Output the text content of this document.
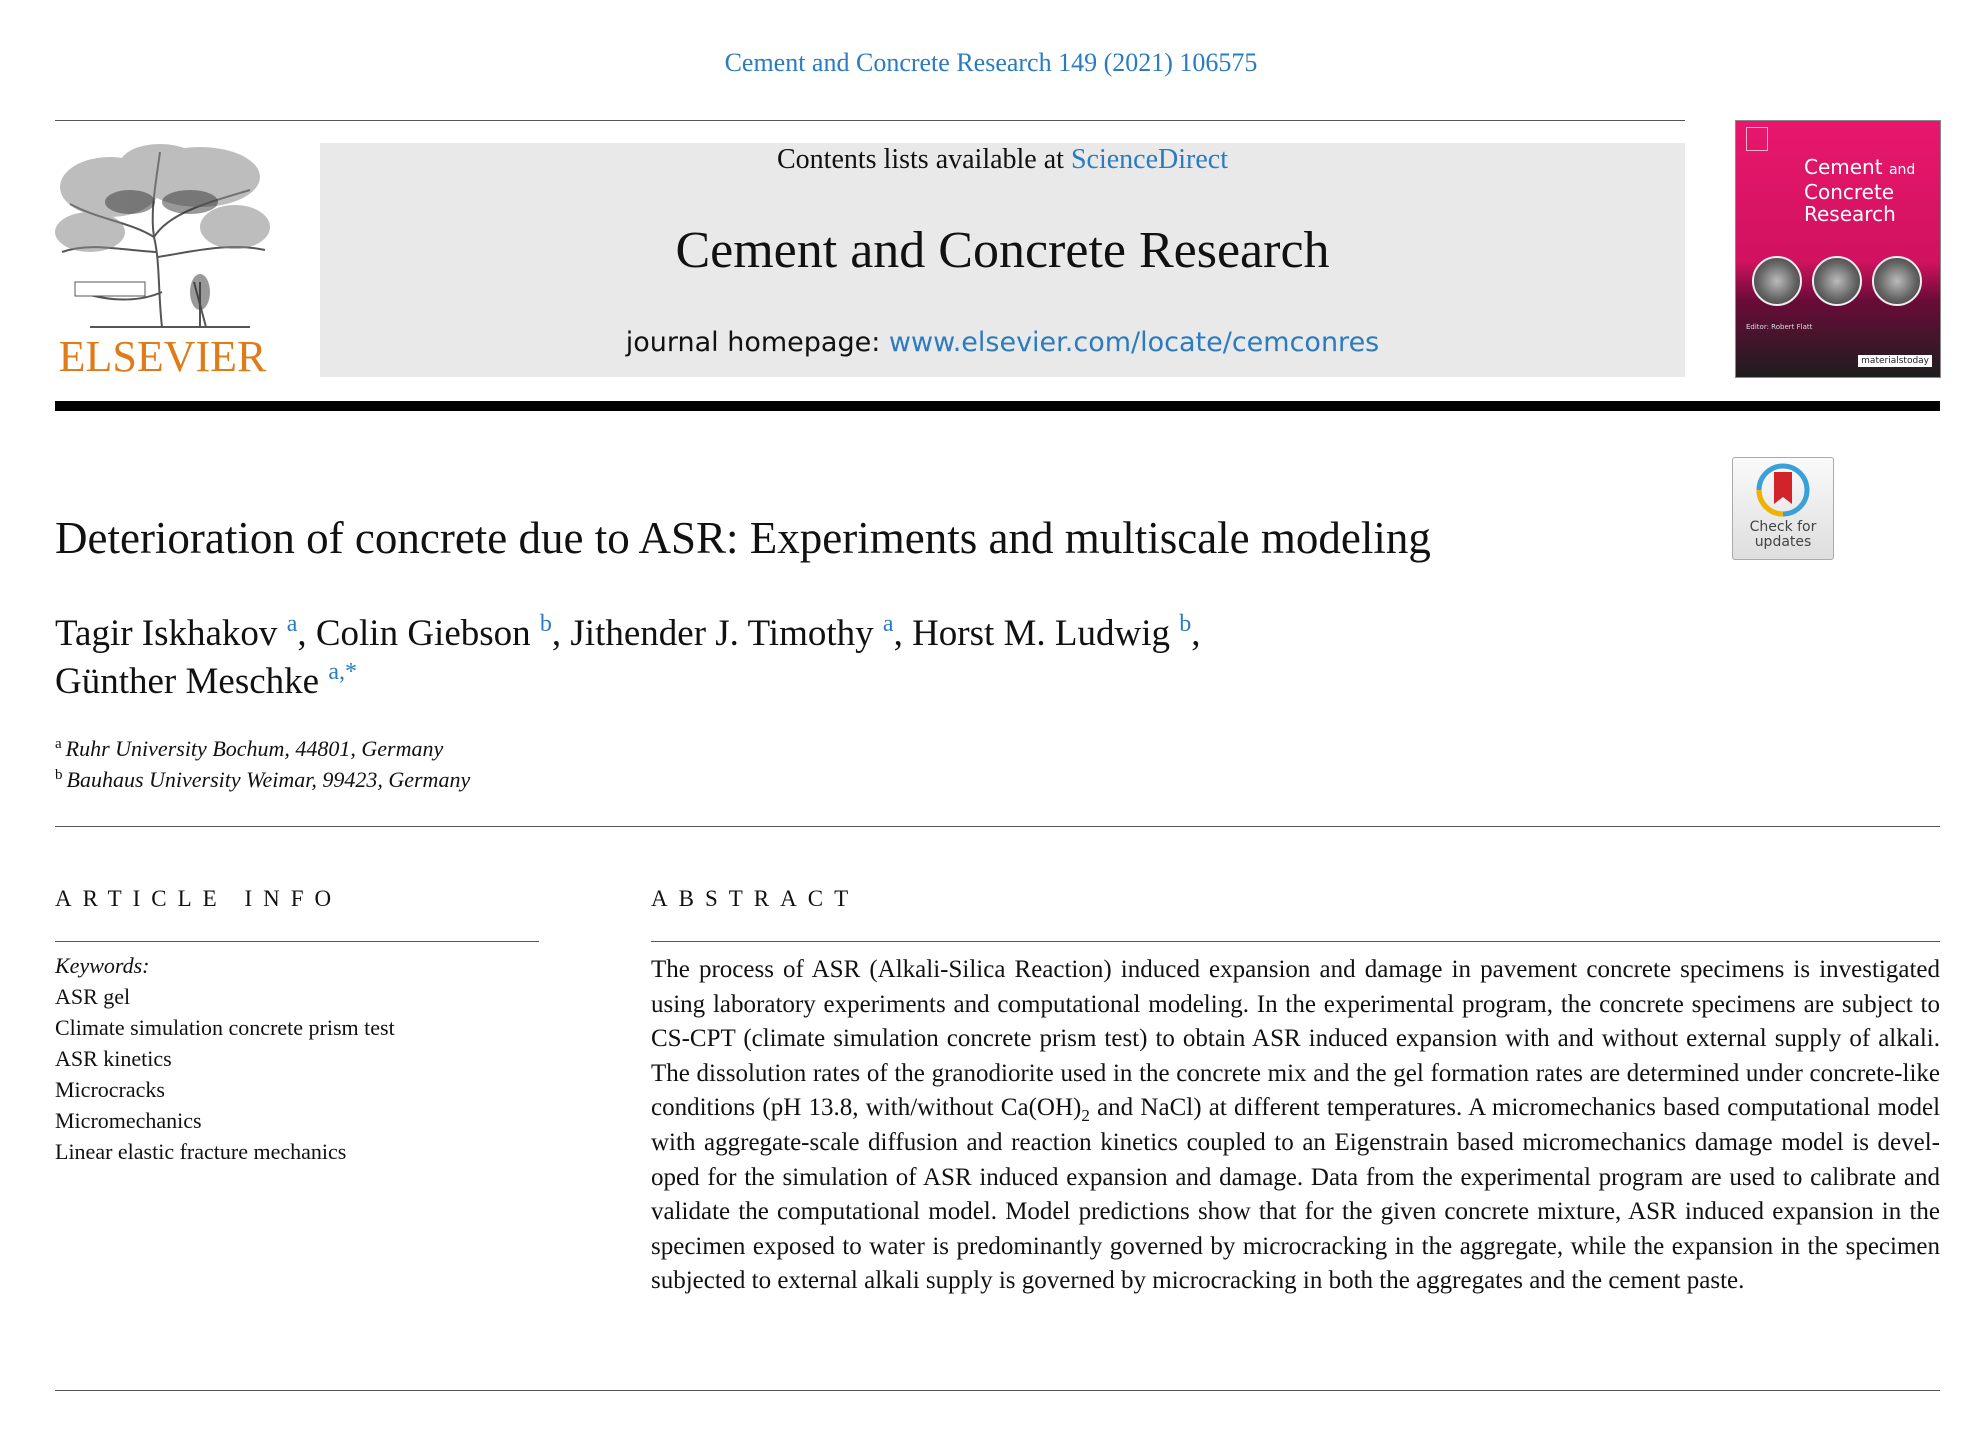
Cement and Concrete Research 149 (2021) 106575
ELSEVIER
Contents lists available at ScienceDirect
Cement and Concrete Research
journal homepage: www.elsevier.com/locate/cemconres
Cement and
Concrete
Research
Editor: Robert Flatt
materialstoday
Check for
updates
Deterioration of concrete due to ASR: Experiments and multiscale modeling
Tagir Iskhakov $^a$, Colin Giebson $^b$, Jithender J. Timothy $^a$, Horst M. Ludwig $^b$,
Günther Meschke $^{a,*}$
$^a$ Ruhr University Bochum, 44801, Germany
$^b$ Bauhaus University Weimar, 99423, Germany
ARTICLE INFO	ABSTRACT
Keywords:
ASR gel
Climate simulation concrete prism test
ASR kinetics
Microcracks
Micromechanics
Linear elastic fracture mechanics
The process of ASR (Alkali-Silica Reaction) induced expansion and damage in pavement concrete specimens is investigated using laboratory experiments and computational modeling. In the experimental program, the concrete specimens are subject to CS-CPT (climate simulation concrete prism test) to obtain ASR induced expansion with and without external supply of alkali. The dissolution rates of the granodiorite used in the concrete mix and the gel formation rates are determined under concrete-like conditions (pH 13.8, with/without $Ca(OH)_2$ and NaCl) at different temperatures. A micromechanics based computational model with aggregate-scale diffusion and reaction kinetics coupled to an Eigenstrain based micromechanics damage model is developed for the simulation of ASR induced expansion and damage. Data from the experimental program are used to calibrate and validate the computational model. Model predictions show that for the given concrete mixture, ASR induced expansion in the specimen exposed to water is predominantly governed by microcracking in the aggregate, while the expansion in the specimen subjected to external alkali supply is governed by microcracking in both the aggregates and the cement paste.
